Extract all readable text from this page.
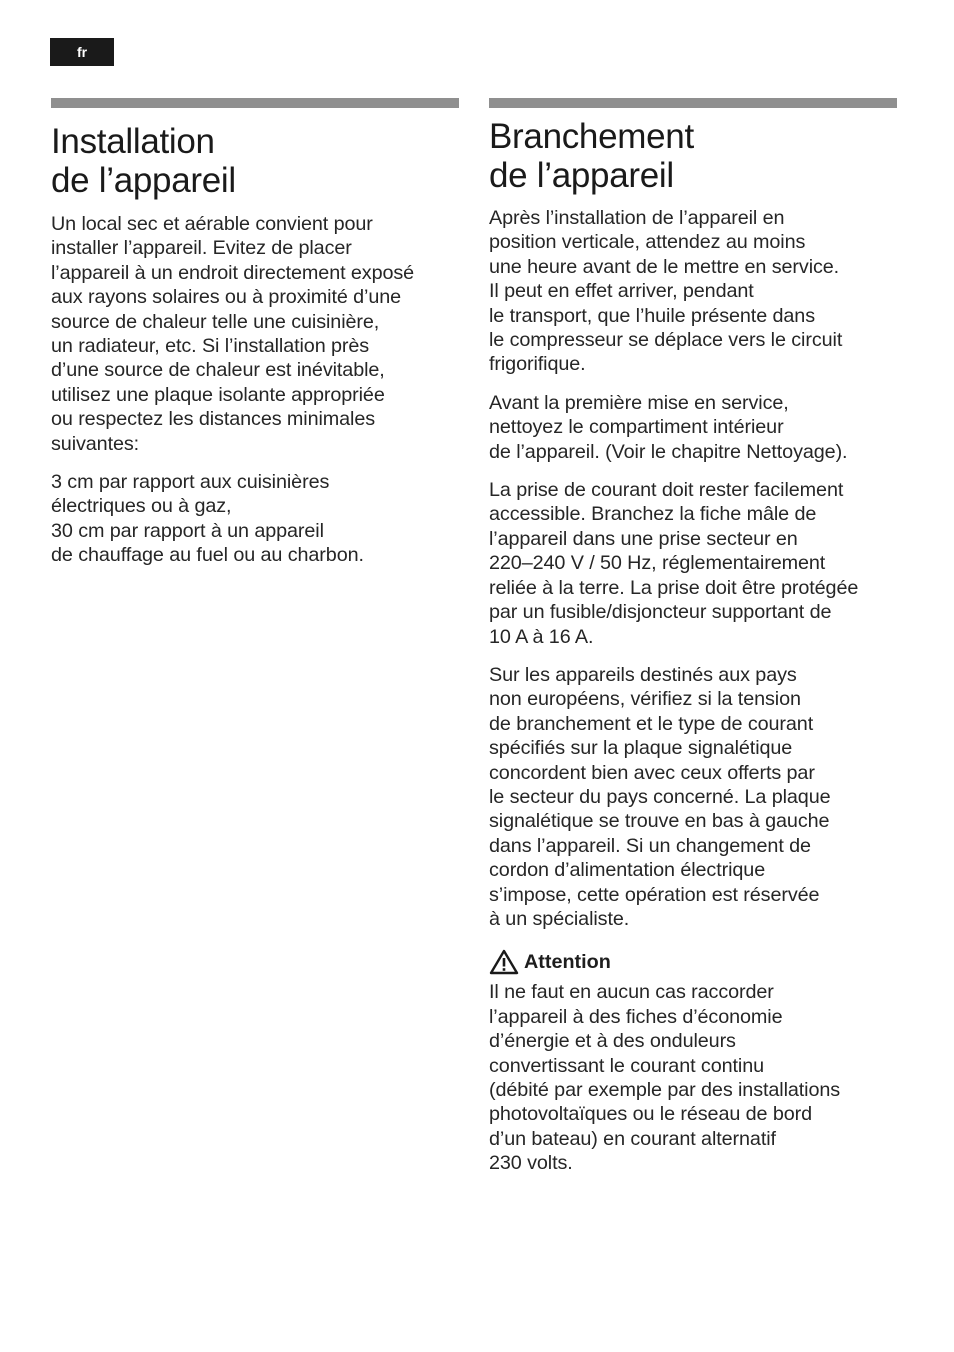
fr
Installation
de l’appareil

Un local sec et aérable convient pour
installer l’appareil. Evitez de placer
l’appareil à un endroit directement exposé
aux rayons solaires ou à proximité d’une
source de chaleur telle une cuisinière,
un radiateur, etc. Si l’installation près
d’une source de chaleur est inévitable,
utilisez une plaque isolante appropriée
ou respectez les distances minimales
suivantes:

3 cm par rapport aux cuisinières
électriques ou à gaz,
30 cm par rapport à un appareil
de chauffage au fuel ou au charbon.

Branchement
de l’appareil

Après l’installation de l’appareil en
position verticale, attendez au moins
une heure avant de le mettre en service.
Il peut en effet arriver, pendant
le transport, que l’huile présente dans
le compresseur se déplace vers le circuit
frigorifique.

Avant la première mise en service,
nettoyez le compartiment intérieur
de l’appareil. (Voir le chapitre Nettoyage).

La prise de courant doit rester facilement
accessible. Branchez la fiche mâle de
l’appareil dans une prise secteur en
220–240 V / 50 Hz, réglementairement
reliée à la terre. La prise doit être protégée
par un fusible/disjoncteur supportant de
10 A à 16 A.

Sur les appareils destinés aux pays
non européens, vérifiez si la tension
de branchement et le type de courant
spécifiés sur la plaque signalétique
concordent bien avec ceux offerts par
le secteur du pays concerné. La plaque
signalétique se trouve en bas à gauche
dans l’appareil. Si un changement de
cordon d’alimentation électrique
s’impose, cette opération est réservée
à un spécialiste.

Attention

Il ne faut en aucun cas raccorder
l’appareil à des fiches d’économie
d’énergie et à des onduleurs
convertissant le courant continu
(débité par exemple par des installations
photovoltaïques ou le réseau de bord
d’un bateau) en courant alternatif
230 volts.
